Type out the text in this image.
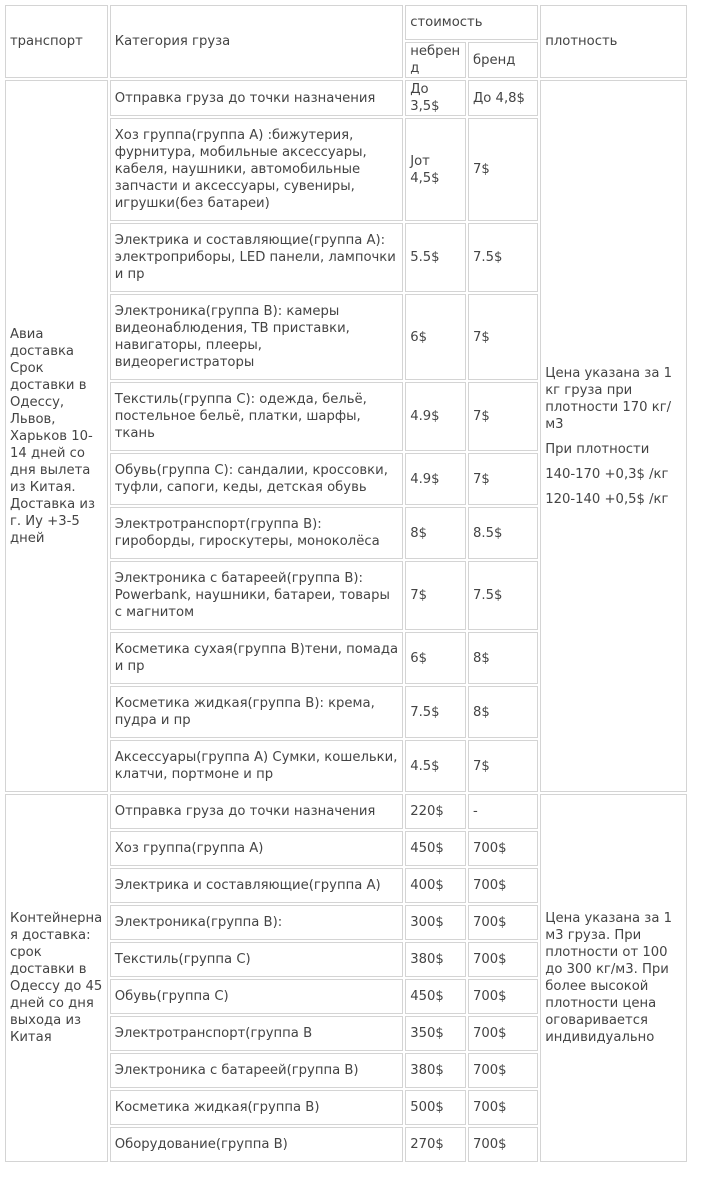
транспорт	Категория груза	стоимость		плотность
		небренд	бренд	
Авиа доставка Срок доставки в Одессу, Львов, Харьков 10-14 дней со дня вылета из Китая. Доставка из г. Иу +3-5 дней	Отправка груза до точки назначения	До 3,5$	До 4,8$	Цена указана за 1 кг груза при плотности 170 кг/м3

При плотности

140-170 +0,3$ /кг

120-140 +0,5$ /кг

	Хоз группа(группа А) :бижутерия, фурнитура, мобильные аксессуары, кабеля, наушники, автомобильные запчасти и аксессуары, сувениры, игрушки(без батареи)	Jот 4,5$	7$	
	Электрика и составляющие(группа А): электроприборы, LED панели, лампочки и пр	5.5$	7.5$	
	Электроника(группа В): камеры видеонаблюдения, ТВ приставки, навигаторы, плееры, видеорегистраторы	6$	7$	
	Текстиль(группа С): одежда, бельё, постельное бельё, платки, шарфы, ткань	4.9$	7$	
	Обувь(группа С): сандалии, кроссовки, туфли, сапоги, кеды, детская обувь	4.9$	7$	
	Электротранспорт(группа В): гироборды, гироскутеры, моноколёса	8$	8.5$	
	Электроника с батареей(группа В): Powerbank, наушники, батареи, товары с магнитом	7$	7.5$	
	Косметика сухая(группа В)тени, помада и пр	6$	8$	
	Косметика жидкая(группа В): крема, пудра и пр	7.5$	8$	
	Аксессуары(группа А) Сумки, кошельки, клатчи, портмоне и пр	4.5$	7$	
Контейнерная доставка: срок доставки в Одессу до 45 дней со дня выхода из Китая	Отправка груза до точки назначения	220$	-	Цена указана за 1 м3 груза. При плотности от 100 до 300 кг/м3. При более высокой плотности цена оговаривается индивидуально
	Хоз группа(группа А)	450$	700$	
	Электрика и составляющие(группа А)	400$	700$	
	Электроника(группа В):	300$	700$	
	Текстиль(группа С)	380$	700$	
	Обувь(группа С)	450$	700$	
	Электротранспорт(группа В	350$	700$	
	Электроника с батареей(группа В)	380$	700$	
	Косметика жидкая(группа В)	500$	700$	
	Оборудование(группа В)	270$	700$	
